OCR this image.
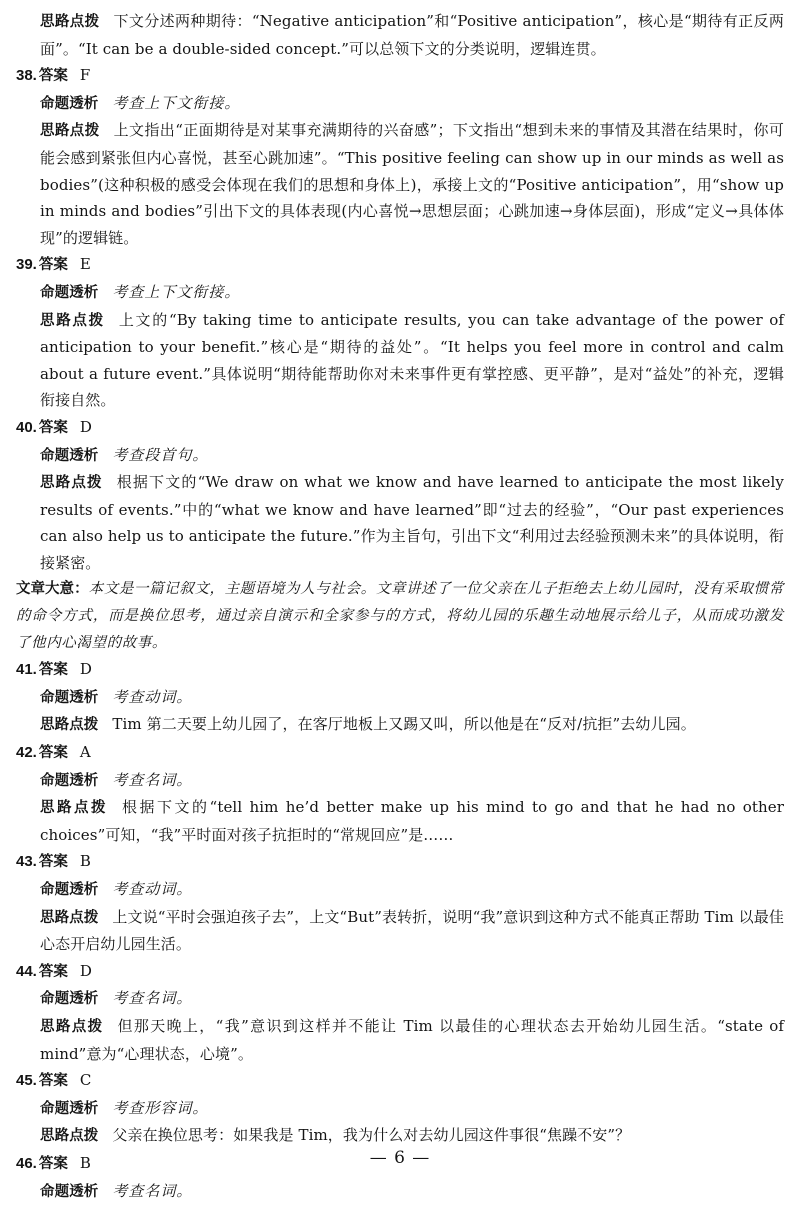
思路点拨 下文分述两种期待：“Negative anticipation”和“Positive anticipation”，核心是“期待有正反两面”。“It can be a double-sided concept.”可以总领下文的分类说明，逻辑连贯。
38. 答案 F
命题透析 考查上下文衔接。
思路点拨 上文指出“正面期待是对某事充满期待的兴奋感”；下文指出“想到未来的事情及其潜在结果时，你可能会感到紧张但内心喜悦，甚至心跳加速”。“This positive feeling can show up in our minds as well as bodies”(这种积极的感受会体现在我们的思想和身体上)，承接上文的“Positive anticipation”，用“show up in minds and bodies”引出下文的具体表现(内心喜悦→思想层面；心跳加速→身体层面)，形成“定义→具体体现”的逻辑链。
39. 答案 E
命题透析 考查上下文衔接。
思路点拨 上文的“By taking time to anticipate results, you can take advantage of the power of anticipation to your benefit.”核心是“期待的益处”。“It helps you feel more in control and calm about a future event.”具体说明“期待能帮助你对未来事件更有掌控感、更平静”，是对“益处”的补充，逻辑衔接自然。
40. 答案 D
命题透析 考查段首句。
思路点拨 根据下文的“We draw on what we know and have learned to anticipate the most likely results of events.”中的“what we know and have learned”即“过去的经验”，“Our past experiences can also help us to anticipate the future.”作为主旨句，引出下文“利用过去经验预测未来”的具体说明，衔接紧密。
文章大意：本文是一篇记叙文，主题语境为人与社会。文章讲述了一位父亲在儿子拒绝去上幼儿园时，没有采取惯常的命令方式，而是换位思考，通过亲自演示和全家参与的方式，将幼儿园的乐趣生动地展示给儿子，从而成功激发了他内心渴望的故事。
41. 答案 D
命题透析 考查动词。
思路点拨 Tim 第二天要上幼儿园了，在客厅地板上又踢又叫，所以他是在“反对/抗拒”去幼儿园。
42. 答案 A
命题透析 考查名词。
思路点拨 根据下文的“tell him he’d better make up his mind to go and that he had no other choices”可知，“我”平时面对孩子抗拒时的“常规回应”是……
43. 答案 B
命题透析 考查动词。
思路点拨 上文说“平时会强迫孩子去”，上文“But”表转折，说明“我”意识到这种方式不能真正帮助 Tim 以最佳心态开启幼儿园生活。
44. 答案 D
命题透析 考查名词。
思路点拨 但那天晚上，“我”意识到这样并不能让 Tim 以最佳的心理状态去开始幼儿园生活。“state of mind”意为“心理状态，心境”。
45. 答案 C
命题透析 考查形容词。
思路点拨 父亲在换位思考：如果我是 Tim，我为什么对去幼儿园这件事很“焦躁不安”？
46. 答案 B
命题透析 考查名词。
— 6 —
